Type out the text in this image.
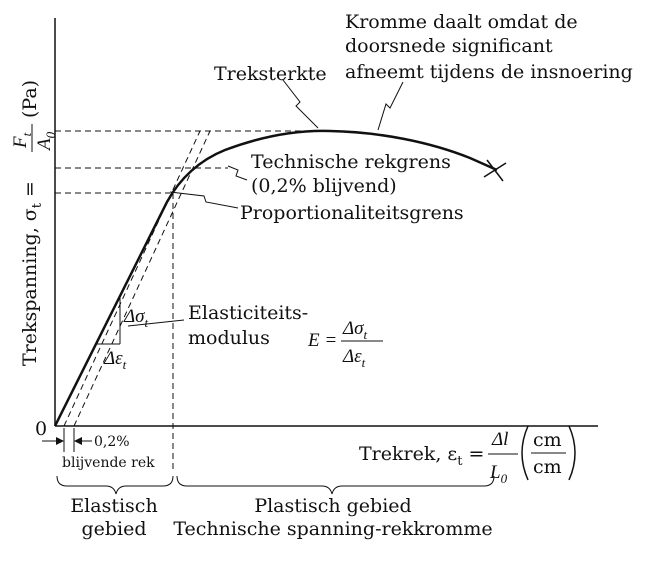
0
$\Delta\sigma_t$
$\Delta\varepsilon_t$
0,2%
blijvende rek
Elastisch
gebied
Plastisch gebied
Technische spanning-rekkromme
Treksterkte
Kromme daalt omdat de
doorsnede significant
afneemt tijdens de insnoering
Technische rekgrens
(0,2% blijvend)
Proportionaliteitsgrens
Elasticiteits-
modulus E =
$\Delta\sigma_t$
$\Delta\varepsilon_t$
Trekrek, $\varepsilon_t$ =
Δl
$L_0$
cm
cm
Trekspanning, $\sigma_t$ =
$F_t$
$A_0$
(Pa)
